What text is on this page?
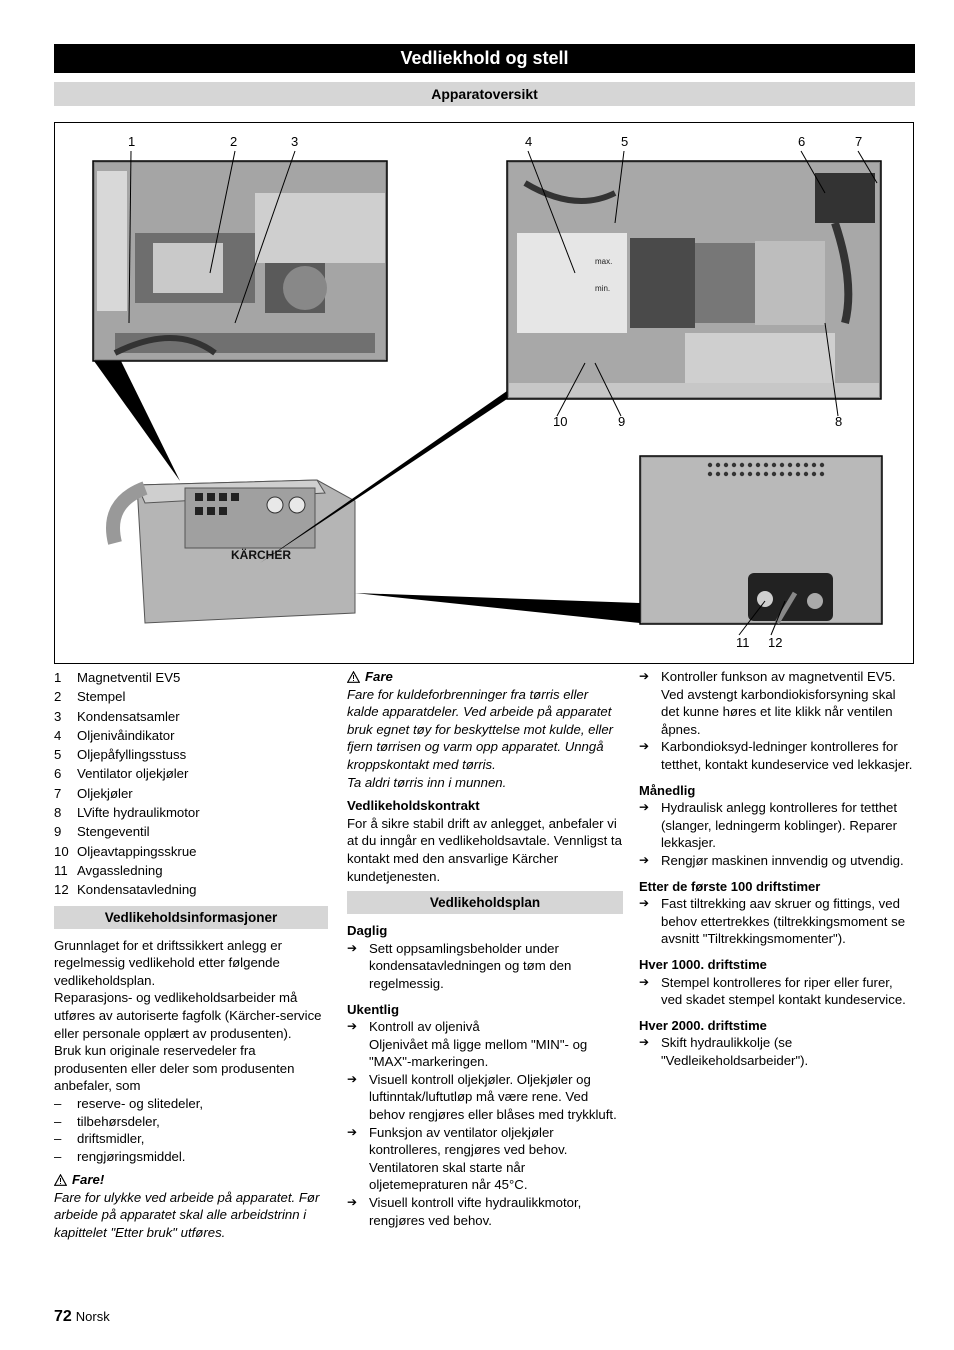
Vedliekhold og stell
Apparatoversikt
1	2	3	4	5	6	7
8
9
10
11 12
max.
min.
KÄRCHER
1	Magnetventil EV5
2	Stempel
3	Kondensatsamler
4	Oljenivåindikator
5	Oljepåfyllingsstuss
6	Ventilator oljekjøler
7	Oljekjøler
8	LVifte hydraulikmotor
9	Stengeventil
10 Oljeavtappingsskrue
11 Avgassledning
12 Kondensatavledning
Vedlikeholdsinformasjoner

Grunnlaget for et driftssikkert anlegg er regelmessig vedlikehold etter følgende vedlikeholdsplan.

Reparasjons- og vedlikeholdsarbeider må utføres av autoriserte fagfolk (Kärcher-service eller personale opplært av produsenten).

Bruk kun originale reservedeler fra produsenten eller deler som produsenten anbefaler, som

–	reserve- og slitedeler,
–	tilbehørsdeler,
–	driftsmidler,
–	rengjøringsmiddel.
Fare!

Fare for ulykke ved arbeide på apparatet. Før arbeide på apparatet skal alle arbeidstrinn i kapittelet "Etter bruk" utføres.

Fare

Fare for kuldeforbrenninger fra tørris eller kalde apparatdeler. Ved arbeide på apparatet bruk egnet tøy for beskyttelse mot kulde, eller fjern tørrisen og varm opp apparatet. Unngå kroppskontakt med tørris.

Ta aldri tørris inn i munnen.

Vedlikeholdskontrakt

For å sikre stabil drift av anlegget, anbefaler vi at du inngår en vedlikeholdsavtale. Vennligst ta kontakt med den ansvarlige Kärcher kundetjenesten.

Vedlikeholdsplan
Daglig
➔ Sett oppsamlingsbeholder under kondensatavledningen og tøm den regelmessig.
Ukentlig
➔ Kontroll av oljenivå
Oljenivået må ligge mellom "MIN"- og "MAX"-markeringen.
➔ Visuell kontroll oljekjøler. Oljekjøler og luftinntak/luftutløp må være rene. Ved behov rengjøres eller blåses med trykkluft.
➔ Funksjon av ventilator oljekjøler kontrolleres, rengjøres ved behov. Ventilatoren skal starte når oljetemepraturen når 45°C.
➔ Visuell kontroll vifte hydraulikkmotor, rengjøres ved behov.
➔ Kontroller funkson av magnetventil EV5. Ved avstengt karbondiokisforsyning skal det kunne høres et lite klikk når ventilen åpnes.
➔ Karbondioksyd-ledninger kontrolleres for tetthet, kontakt kundeservice ved lekkasjer.
Månedlig
➔ Hydraulisk anlegg kontrolleres for tetthet (slanger, ledningerm koblinger). Reparer lekkasjer.
➔ Rengjør maskinen innvendig og utvendig.
Etter de første 100 driftstimer
➔ Fast tiltrekking aav skruer og fittings, ved behov ettertrekkes (tiltrekkingsmoment se avsnitt "Tiltrekkingsmomenter").
Hver 1000. driftstime
➔ Stempel kontrolleres for riper eller furer, ved skadet stempel kontakt kundeservice.
Hver 2000. driftstime
➔ Skift hydraulikkolje (se "Vedleikeholdsarbeider").
72 Norsk
